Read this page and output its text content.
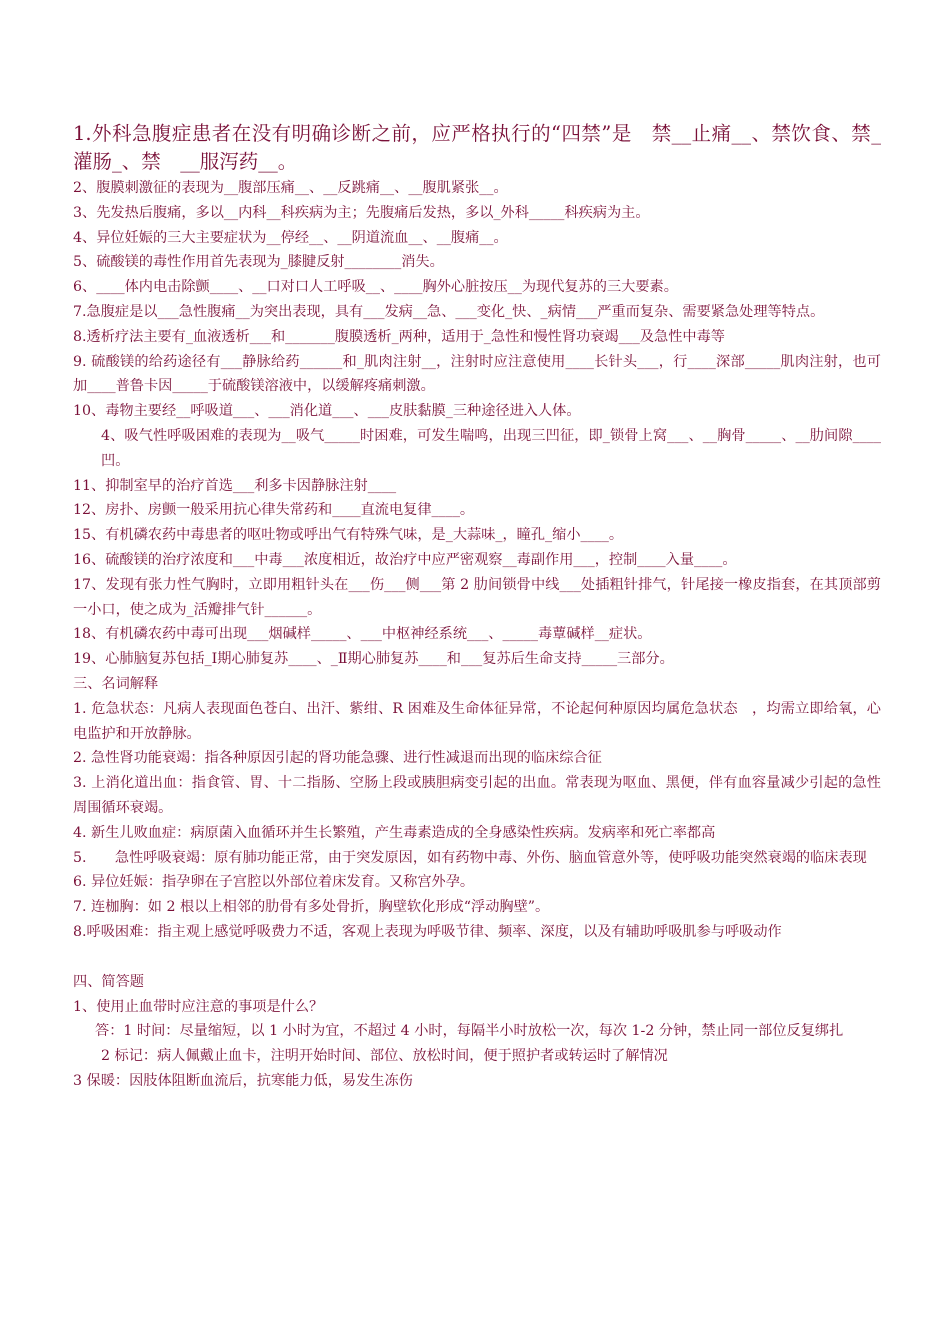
1.外科急腹症患者在没有明确诊断之前，应严格执行的“四禁”是　禁__止痛__、禁饮食、禁_灌肠_、禁　__服泻药__。

2、腹膜刺激征的表现为__腹部压痛__、__反跳痛__、__腹肌紧张__。

3、先发热后腹痛，多以__内科__科疾病为主；先腹痛后发热，多以_外科_____科疾病为主。

4、异位妊娠的三大主要症状为__停经__、__阴道流血__、__腹痛__。

5、硫酸镁的毒性作用首先表现为_膝腱反射________消失。

6、____体内电击除颤____、__口对口人工呼吸__、____胸外心脏按压__为现代复苏的三大要素。

7.急腹症是以___急性腹痛__为突出表现，具有___发病__急、___变化_快、_病情___严重而复杂、需要紧急处理等特点。

8.透析疗法主要有_血液透析___和_______腹膜透析_两种，适用于_急性和慢性肾功衰竭___及急性中毒等

9. 硫酸镁的给药途径有___静脉给药______和_肌肉注射__，注射时应注意使用____长针头___，行____深部_____肌肉注射，也可加____普鲁卡因_____于硫酸镁溶液中，以缓解疼痛刺激。

10、毒物主要经__呼吸道___、___消化道___、___皮肤黏膜_三种途径进入人体。

4、吸气性呼吸困难的表现为__吸气_____时困难，可发生喘鸣，出现三凹征，即_锁骨上窝___、__胸骨_____、__肋间隙____凹。

11、抑制室早的治疗首选___利多卡因静脉注射____

12、房扑、房颤一般采用抗心律失常药和____直流电复律____。

15、有机磷农药中毒患者的呕吐物或呼出气有特殊气味，是_大蒜味_，瞳孔_缩小____。

16、硫酸镁的治疗浓度和___中毒___浓度相近，故治疗中应严密观察__毒副作用___，控制____入量____。

17、发现有张力性气胸时，立即用粗针头在___伤___侧___第 2 肋间锁骨中线___处插粗针排气，针尾接一橡皮指套，在其顶部剪一小口，使之成为_活瓣排气针______。

18、有机磷农药中毒可出现___烟碱样_____、___中枢神经系统___、_____毒蕈碱样__症状。

19、心肺脑复苏包括_Ⅰ期心肺复苏____、_Ⅱ期心肺复苏____和___复苏后生命支持_____三部分。

三、名词解释

1. 危急状态：凡病人表现面色苍白、出汗、紫绀、R 困难及生命体征异常，不论起何种原因均属危急状态　，均需立即给氧，心电监护和开放静脉。

2. 急性肾功能衰竭：指各种原因引起的肾功能急骤、进行性减退而出现的临床综合征

3. 上消化道出血：指食管、胃、十二指肠、空肠上段或胰胆病变引起的出血。常表现为呕血、黑便，伴有血容量减少引起的急性周围循环衰竭。

4. 新生儿败血症：病原菌入血循环并生长繁殖，产生毒素造成的全身感染性疾病。发病率和死亡率都高

5.　　急性呼吸衰竭：原有肺功能正常，由于突发原因，如有药物中毒、外伤、脑血管意外等，使呼吸功能突然衰竭的临床表现

6. 异位妊娠：指孕卵在子宫腔以外部位着床发育。又称宫外孕。

7. 连枷胸：如 2 根以上相邻的肋骨有多处骨折，胸壁软化形成“浮动胸壁”。

8.呼吸困难：指主观上感觉呼吸费力不适，客观上表现为呼吸节律、频率、深度，以及有辅助呼吸肌参与呼吸动作

四、简答题

1、使用止血带时应注意的事项是什么？

答：1 时间：尽量缩短，以 1 小时为宜，不超过 4 小时，每隔半小时放松一次，每次 1-2 分钟，禁止同一部位反复绑扎

2 标记：病人佩戴止血卡，注明开始时间、部位、放松时间，便于照护者或转运时了解情况

3 保暖：因肢体阻断血流后，抗寒能力低，易发生冻伤
